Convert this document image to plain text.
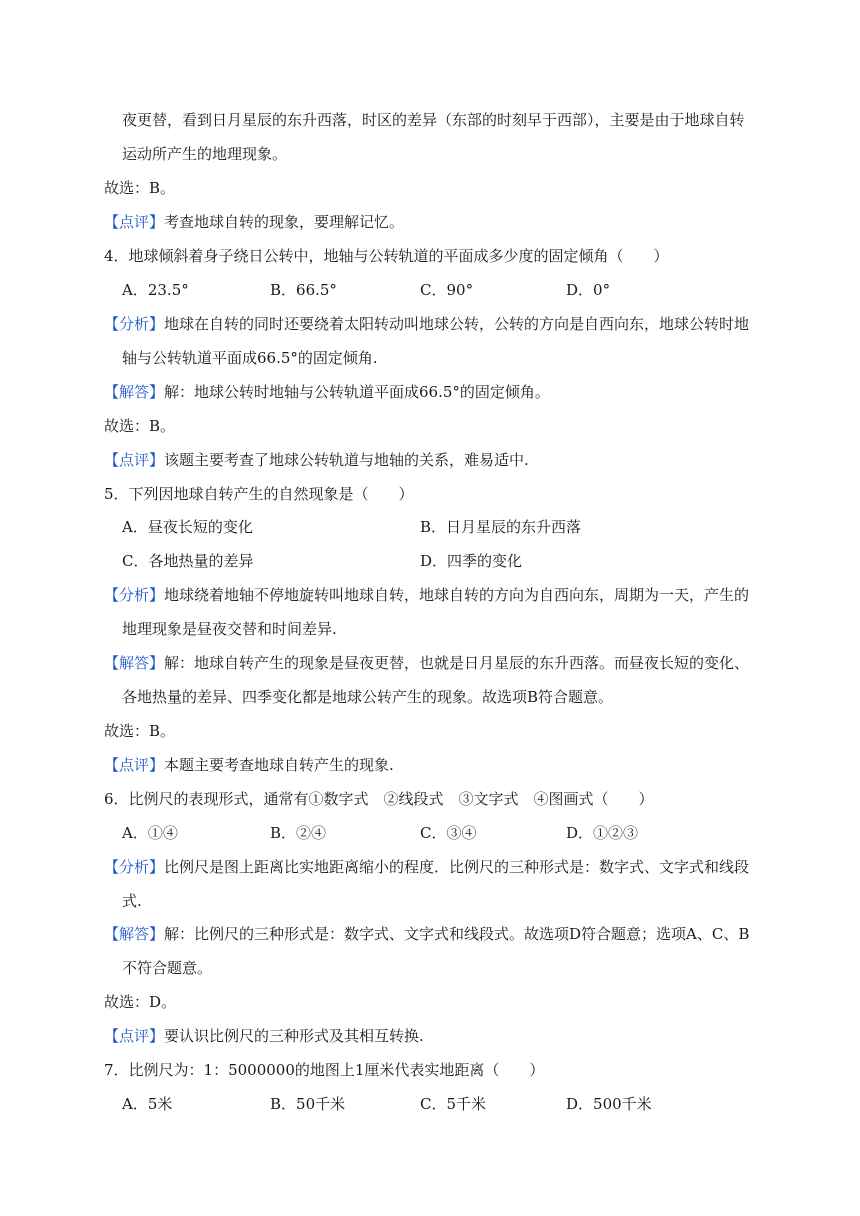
夜更替，看到日月星辰的东升西落，时区的差异（东部的时刻早于西部），主要是由于地球自转
运动所产生的地理现象。
故选：B。
【点评】考查地球自转的现象，要理解记忆。
4．地球倾斜着身子绕日公转中，地轴与公转轨道的平面成多少度的固定倾角（　　）
A．23.5°	B．66.5°	C．90°	D．0°
【分析】地球在自转的同时还要绕着太阳转动叫地球公转，公转的方向是自西向东，地球公转时地
轴与公转轨道平面成66.5°的固定倾角.
【解答】解：地球公转时地轴与公转轨道平面成66.5°的固定倾角。
故选：B。
【点评】该题主要考查了地球公转轨道与地轴的关系，难易适中.
5．下列因地球自转产生的自然现象是（　　）
A．昼夜长短的变化	B．日月星辰的东升西落
C．各地热量的差异	D．四季的变化
【分析】地球绕着地轴不停地旋转叫地球自转，地球自转的方向为自西向东，周期为一天，产生的
地理现象是昼夜交替和时间差异.
【解答】解：地球自转产生的现象是昼夜更替，也就是日月星辰的东升西落。而昼夜长短的变化、
各地热量的差异、四季变化都是地球公转产生的现象。故选项B符合题意。
故选：B。
【点评】本题主要考查地球自转产生的现象.
6．比例尺的表现形式，通常有①数字式　②线段式　③文字式　④图画式（　　）
A．①④	B．②④	C．③④	D．①②③
【分析】比例尺是图上距离比实地距离缩小的程度．比例尺的三种形式是：数字式、文字式和线段
式.
【解答】解：比例尺的三种形式是：数字式、文字式和线段式。故选项D符合题意；选项A、C、B
不符合题意。
故选：D。
【点评】要认识比例尺的三种形式及其相互转换.
7．比例尺为：1：5000000的地图上1厘米代表实地距离（　　）
A．5米	B．50千米	C．5千米	D．500千米
